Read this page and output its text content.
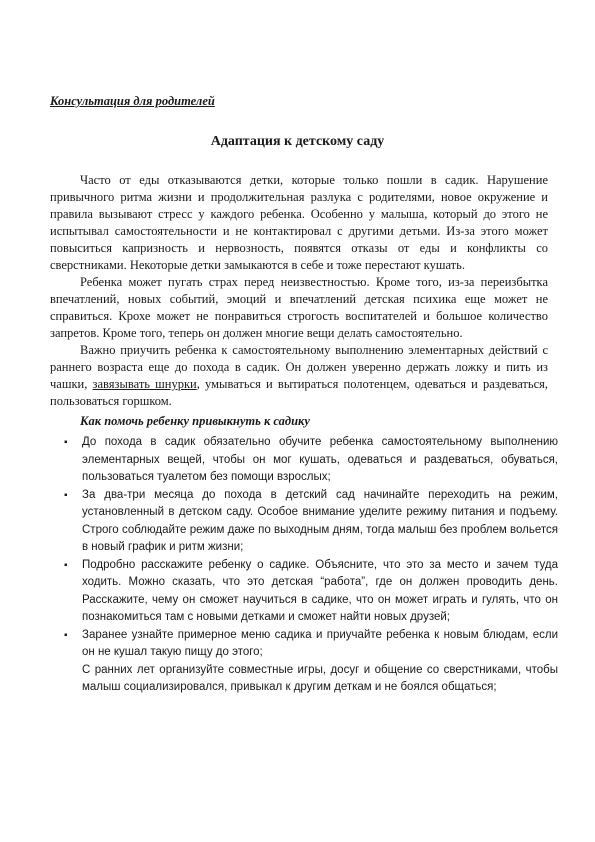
Консультация для родителей

Адаптация к детскому саду

Часто от еды отказываются детки, которые только пошли в садик. Нарушение привычного ритма жизни и продолжительная разлука с родителями, новое окружение и правила вызывают стресс у каждого ребенка. Особенно у малыша, который до этого не испытывал самостоятельности и не контактировал с другими детьми. Из-за этого может повыситься капризность и нервозность, появятся отказы от еды и конфликты со сверстниками. Некоторые детки замыкаются в себе и тоже перестают кушать.

Ребенка может пугать страх перед неизвестностью. Кроме того, из-за переизбытка впечатлений, новых событий, эмоций и впечатлений детская психика еще может не справиться. Крохе может не понравиться строгость воспитателей и большое количество запретов. Кроме того, теперь он должен многие вещи делать самостоятельно.

Важно приучить ребенка к самостоятельному выполнению элементарных действий с раннего возраста еще до похода в садик. Он должен уверенно держать ложку и пить из чашки, завязывать шнурки, умываться и вытираться полотенцем, одеваться и раздеваться, пользоваться горшком.

Как помочь ребенку привыкнуть к садику

▪ До похода в садик обязательно обучите ребенка самостоятельному выполнению элементарных вещей, чтобы он мог кушать, одеваться и раздеваться, обуваться, пользоваться туалетом без помощи взрослых;
▪ За два-три месяца до похода в детский сад начинайте переходить на режим, установленный в детском саду. Особое внимание уделите режиму питания и подъему. Строго соблюдайте режим даже по выходным дням, тогда малыш без проблем вольется в новый график и ритм жизни;
▪ Подробно расскажите ребенку о садике. Объясните, что это за место и зачем туда ходить. Можно сказать, что это детская “работа”, где он должен проводить день. Расскажите, чему он сможет научиться в садике, что он может играть и гулять, что он познакомиться там с новыми детками и сможет найти новых друзей;
▪ Заранее узнайте примерное меню садика и приучайте ребенка к новым блюдам, если он не кушал такую пищу до этого;
С ранних лет организуйте совместные игры, досуг и общение со сверстниками, чтобы малыш социализировался, привыкал к другим деткам и не боялся общаться;
